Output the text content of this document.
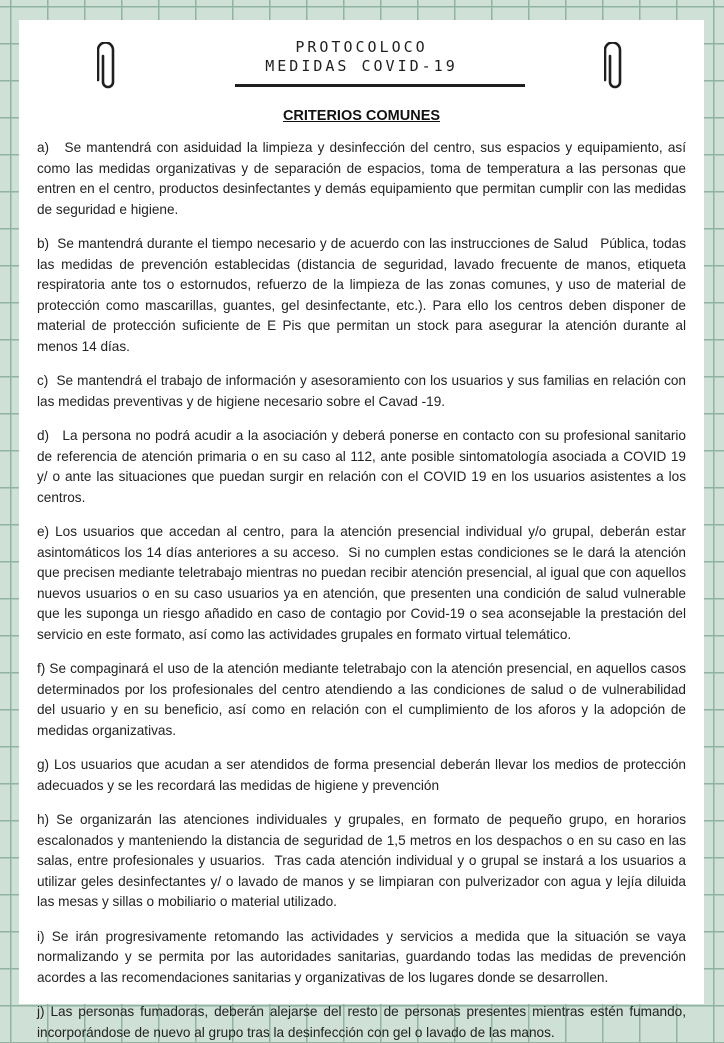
PROTOCOLOCO
MEDIDAS COVID-19
CRITERIOS COMUNES

a)   Se mantendrá con asiduidad la limpieza y desinfección del centro, sus espacios y equipamiento, así como las medidas organizativas y de separación de espacios, toma de temperatura a las personas que entren en el centro, productos desinfectantes y demás equipamiento que permitan cumplir con las medidas de seguridad e higiene.

b)  Se mantendrá durante el tiempo necesario y de acuerdo con las instrucciones de Salud   Pública, todas las medidas de prevención establecidas (distancia de seguridad, lavado frecuente de manos, etiqueta respiratoria ante tos o estornudos, refuerzo de la limpieza de las zonas comunes, y uso de material de protección como mascarillas, guantes, gel desinfectante, etc.). Para ello los centros deben disponer de material de protección suficiente de E Pis que permitan un stock para asegurar la atención durante al menos 14 días.

c)  Se mantendrá el trabajo de información y asesoramiento con los usuarios y sus familias en relación con las medidas preventivas y de higiene necesario sobre el Cavad -19.

d)   La persona no podrá acudir a la asociación y deberá ponerse en contacto con su profesional sanitario de referencia de atención primaria o en su caso al 112, ante posible sintomatología asociada a COVID 19 y/ o ante las situaciones que puedan surgir en relación con el COVID 19 en los usuarios asistentes a los centros.

e) Los usuarios que accedan al centro, para la atención presencial individual y/o grupal, deberán estar asintomáticos los 14 días anteriores a su acceso.  Si no cumplen estas condiciones se le dará la atención que precisen mediante teletrabajo mientras no puedan recibir atención presencial, al igual que con aquellos nuevos usuarios o en su caso usuarios ya en atención, que presenten una condición de salud vulnerable que les suponga un riesgo añadido en caso de contagio por Covid-19 o sea aconsejable la prestación del servicio en este formato, así como las actividades grupales en formato virtual telemático.

f) Se compaginará el uso de la atención mediante teletrabajo con la atención presencial, en aquellos casos determinados por los profesionales del centro atendiendo a las condiciones de salud o de vulnerabilidad del usuario y en su beneficio, así como en relación con el cumplimiento de los aforos y la adopción de medidas organizativas.

g) Los usuarios que acudan a ser atendidos de forma presencial deberán llevar los medios de protección adecuados y se les recordará las medidas de higiene y prevención

h) Se organizarán las atenciones individuales y grupales, en formato de pequeño grupo, en horarios escalonados y manteniendo la distancia de seguridad de 1,5 metros en los despachos o en su caso en las salas, entre profesionales y usuarios.  Tras cada atención individual y o grupal se instará a los usuarios a utilizar geles desinfectantes y/ o lavado de manos y se limpiaran con pulverizador con agua y lejía diluida las mesas y sillas o mobiliario o material utilizado.

i) Se irán progresivamente retomando las actividades y servicios a medida que la situación se vaya normalizando y se permita por las autoridades sanitarias, guardando todas las medidas de prevención acordes a las recomendaciones sanitarias y organizativas de los lugares donde se desarrollen.

j) Las personas fumadoras, deberán alejarse del resto de personas presentes mientras estén fumando, incorporándose de nuevo al grupo tras la desinfección con gel o lavado de las manos.
